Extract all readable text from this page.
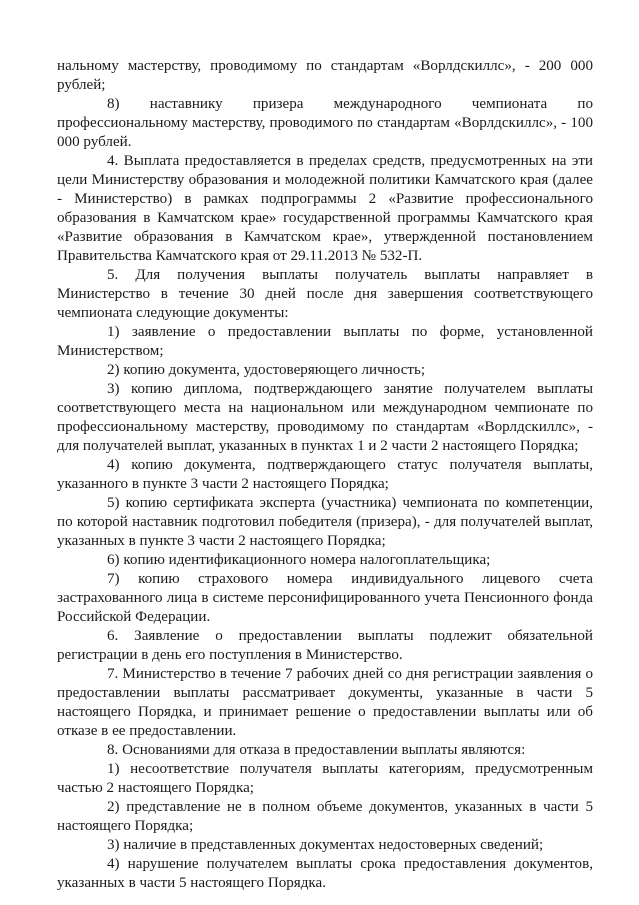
нальному мастерству, проводимому по стандартам «Ворлдскиллс», - 200 000 рублей;

8) наставнику призера международного чемпионата по профессиональному мастерству, проводимого по стандартам «Ворлдскиллс», - 100 000 рублей.

4. Выплата предоставляется в пределах средств, предусмотренных на эти цели Министерству образования и молодежной политики Камчатского края (далее - Министерство) в рамках подпрограммы 2 «Развитие профессионального образования в Камчатском крае» государственной программы Камчатского края «Развитие образования в Камчатском крае», утвержденной постановлением Правительства Камчатского края от 29.11.2013 № 532-П.

5. Для получения выплаты получатель выплаты направляет в Министерство в течение 30 дней после дня завершения соответствующего чемпионата следующие документы:

1) заявление о предоставлении выплаты по форме, установленной Министерством;

2) копию документа, удостоверяющего личность;

3) копию диплома, подтверждающего занятие получателем выплаты соответствующего места на национальном или международном чемпионате по профессиональному мастерству, проводимому по стандартам «Ворлдскиллс», - для получателей выплат, указанных в пунктах 1 и 2 части 2 настоящего Порядка;

4) копию документа, подтверждающего статус получателя выплаты, указанного в пункте 3 части 2 настоящего Порядка;

5) копию сертификата эксперта (участника) чемпионата по компетенции, по которой наставник подготовил победителя (призера), - для получателей выплат, указанных в пункте 3 части 2 настоящего Порядка;

6) копию идентификационного номера налогоплательщика;

7) копию страхового номера индивидуального лицевого счета застрахованного лица в системе персонифицированного учета Пенсионного фонда Российской Федерации.

6. Заявление о предоставлении выплаты подлежит обязательной регистрации в день его поступления в Министерство.

7. Министерство в течение 7 рабочих дней со дня регистрации заявления о предоставлении выплаты рассматривает документы, указанные в части 5 настоящего Порядка, и принимает решение о предоставлении выплаты или об отказе в ее предоставлении.

8. Основаниями для отказа в предоставлении выплаты являются:

1) несоответствие получателя выплаты категориям, предусмотренным частью 2 настоящего Порядка;

2) представление не в полном объеме документов, указанных в части 5 настоящего Порядка;

3) наличие в представленных документах недостоверных сведений;

4) нарушение получателем выплаты срока предоставления документов, указанных в части 5 настоящего Порядка.
